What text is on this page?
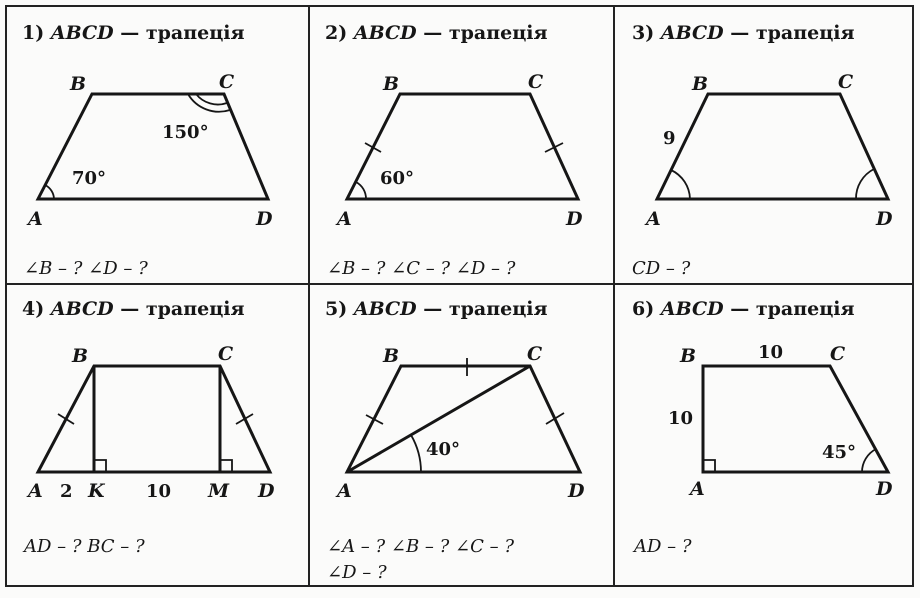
1) ABCD — трапеція
B	C
A	D
70°
150°
∠B – ? ∠D – ?
2) ABCD — трапеція
B	C
A	D
60°
∠B – ? ∠C – ? ∠D – ?
3) ABCD — трапеція
B	C
A	D
9
CD – ?
4) ABCD — трапеція
B	C
A K	M D
2	10
AD – ? BC – ?
5) ABCD — трапеція
B	C
A	D
40°
∠A – ? ∠B – ? ∠C – ?
∠D – ?
6) ABCD — трапеція
B	C
A	D
10
10
45°
AD – ?
